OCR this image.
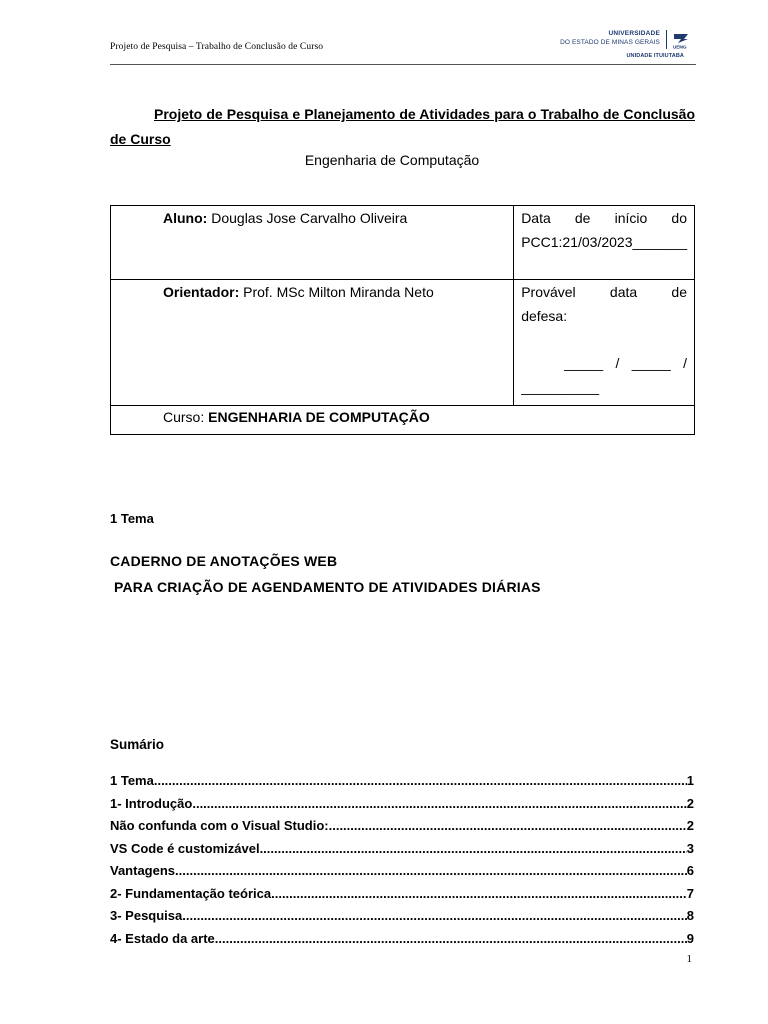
Projeto de Pesquisa – Trabalho de Conclusão de Curso
UNIVERSIDADE
DO ESTADO DE MINAS GERAIS
UEMG
UNIDADE ITUIUTABA
Projeto de Pesquisa e Planejamento de Atividades para o Trabalho de Conclusão de Curso
Engenharia de Computação
Aluno: Douglas Jose Carvalho Oliveira	Data de início do
PCC1:21/03/2023_______

Orientador: Prof. MSc Milton Miranda Neto	Provável data de
defesa:
_____ / _____ /
__________

Curso: ENGENHARIA DE COMPUTAÇÃO	
1 Tema
CADERNO DE ANOTAÇÕES WEB
PARA CRIAÇÃO DE AGENDAMENTO DE ATIVIDADES DIÁRIAS
Sumário
1 Tema .....	1
1- Introdução .....	2
Não confunda com o Visual Studio: .....	2
VS Code é customizável .....	3
Vantagens .....	6
2- Fundamentação teórica .....	7
3- Pesquisa .....	8
4- Estado da arte .....	9
1
